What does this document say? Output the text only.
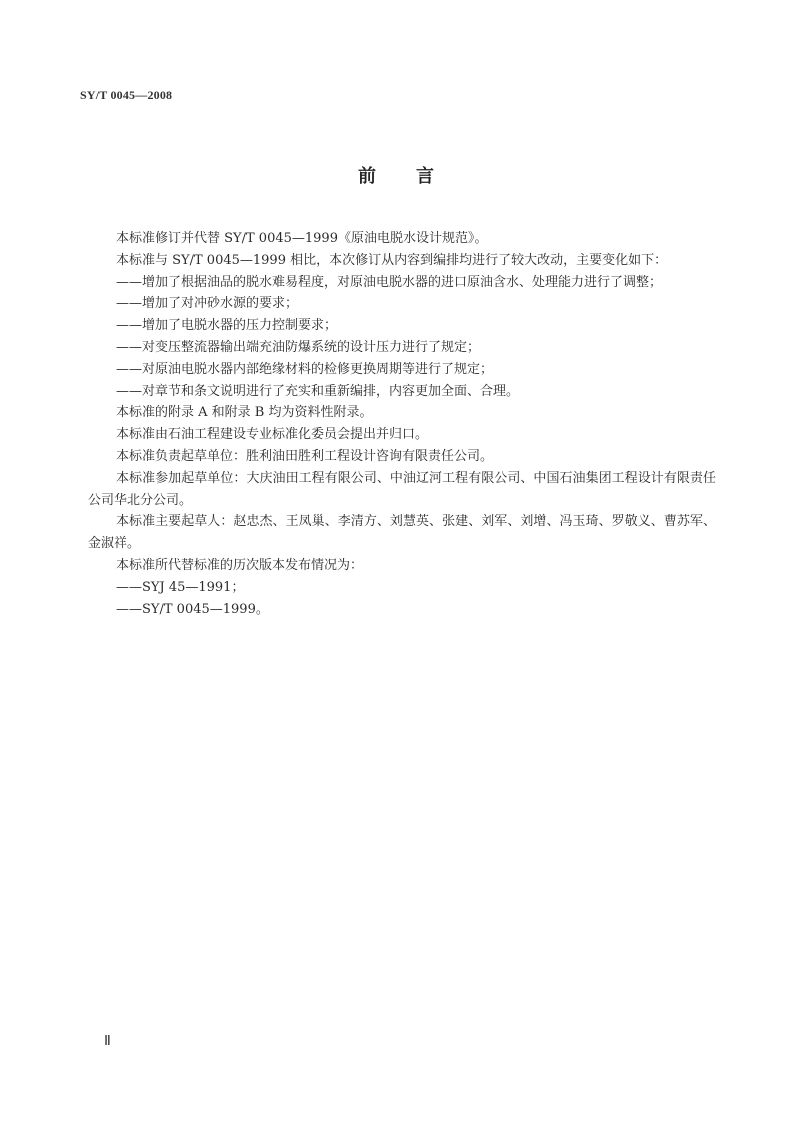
SY/T 0045—2008
前言

本标准修订并代替 SY/T 0045—1999《原油电脱水设计规范》。

本标准与 SY/T 0045—1999 相比，本次修订从内容到编排均进行了较大改动，主要变化如下：

——增加了根据油品的脱水难易程度，对原油电脱水器的进口原油含水、处理能力进行了调整；

——增加了对冲砂水源的要求；

——增加了电脱水器的压力控制要求；

——对变压整流器输出端充油防爆系统的设计压力进行了规定；

——对原油电脱水器内部绝缘材料的检修更换周期等进行了规定；

——对章节和条文说明进行了充实和重新编排，内容更加全面、合理。

本标准的附录 A 和附录 B 均为资料性附录。

本标准由石油工程建设专业标准化委员会提出并归口。

本标准负责起草单位：胜利油田胜利工程设计咨询有限责任公司。

本标准参加起草单位：大庆油田工程有限公司、中油辽河工程有限公司、中国石油集团工程设计有限责任公司华北分公司。

本标准主要起草人：赵忠杰、王凤巢、李清方、刘慧英、张建、刘军、刘增、冯玉琦、罗敬义、曹苏军、金淑祥。

本标准所代替标准的历次版本发布情况为：

——SYJ 45—1991；

——SY/T 0045—1999。

Ⅱ
